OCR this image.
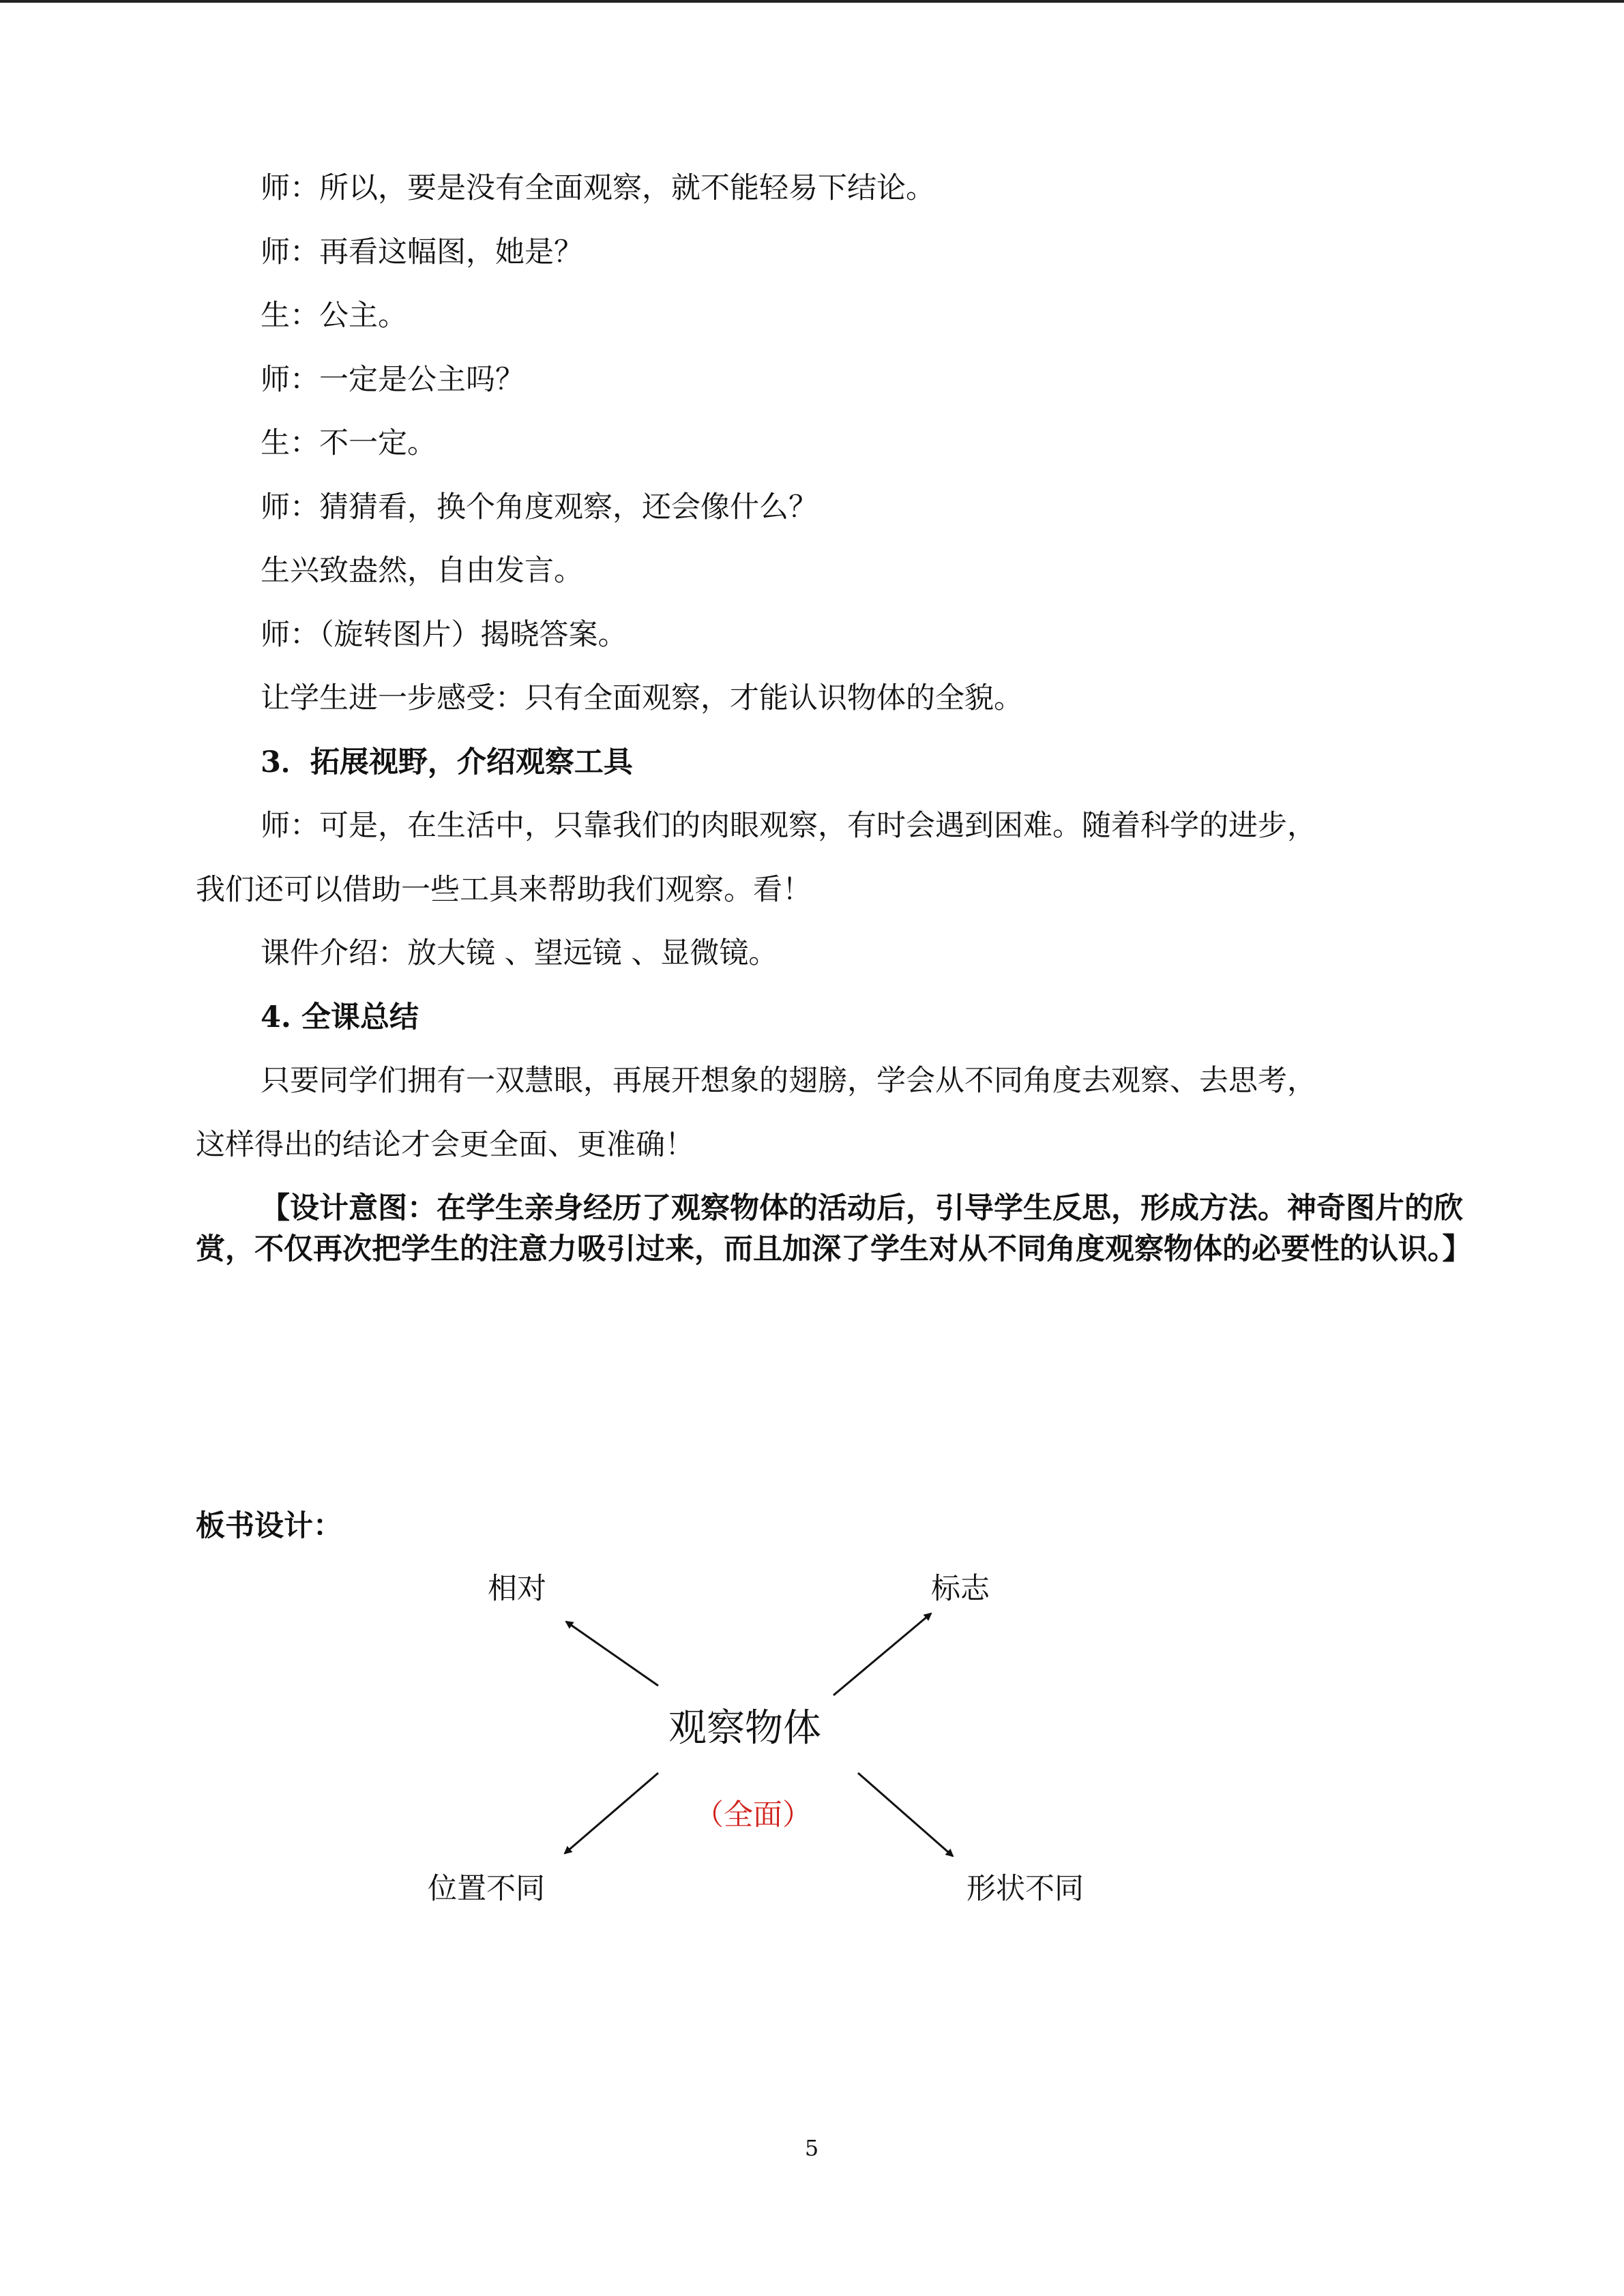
师：所以，要是没有全面观察，就不能轻易下结论。
师：再看这幅图，她是？
生：公主。
师：一定是公主吗？
生：不一定。
师：猜猜看，换个角度观察，还会像什么？
生兴致盎然，自由发言。
师：（旋转图片）揭晓答案。
让学生进一步感受：只有全面观察，才能认识物体的全貌。
3．拓展视野，介绍观察工具
师：可是，在生活中，只靠我们的肉眼观察，有时会遇到困难。随着科学的进步，
我们还可以借助一些工具来帮助我们观察。看！
课件介绍：放大镜 、望远镜 、显微镜。
4. 全课总结
只要同学们拥有一双慧眼，再展开想象的翅膀，学会从不同角度去观察、去思考，
这样得出的结论才会更全面、更准确！
【设计意图：在学生亲身经历了观察物体的活动后，引导学生反思，形成方法。神奇图片的欣赏，不仅再次把学生的注意力吸引过来，而且加深了学生对从不同角度观察物体的必要性的认识。】
板书设计：
相对	标志
观察物体
（全面）
位置不同	形状不同
5
